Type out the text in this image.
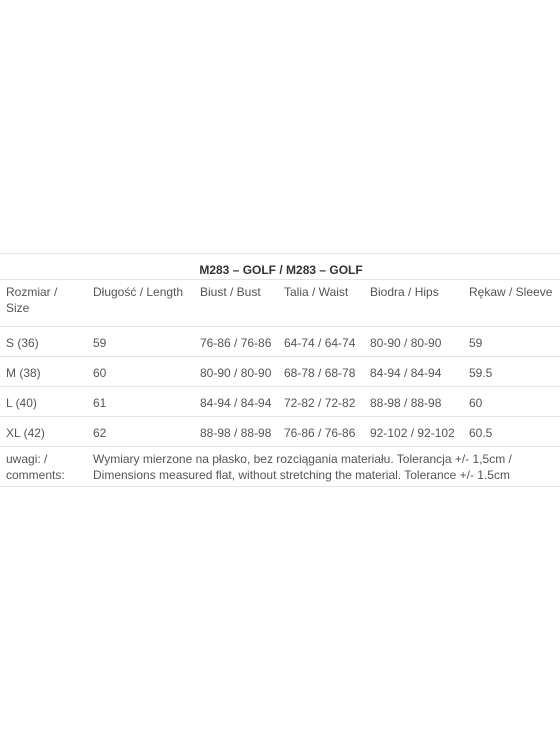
M283 – GOLF / M283 – GOLF					
Rozmiar / Size	Długość / Length	Biust / Bust	Talia / Waist	Biodra / Hips	Rękaw / Sleeve
S (36)	59	76-86 / 76-86	64-74 / 64-74	80-90 / 80-90	59
M (38)	60	80-90 / 80-90	68-78 / 68-78	84-94 / 84-94	59.5
L (40)	61	84-94 / 84-94	72-82 / 72-82	88-98 / 88-98	60
XL (42)	62	88-98 / 88-98	76-86 / 76-86	92-102 / 92-102	60.5
uwagi: / comments:	Wymiary mierzone na płasko, bez rozciągania materiału. Tolerancja +/- 1,5cm / Dimensions measured flat, without stretching the material. Tolerance +/- 1.5cm				
